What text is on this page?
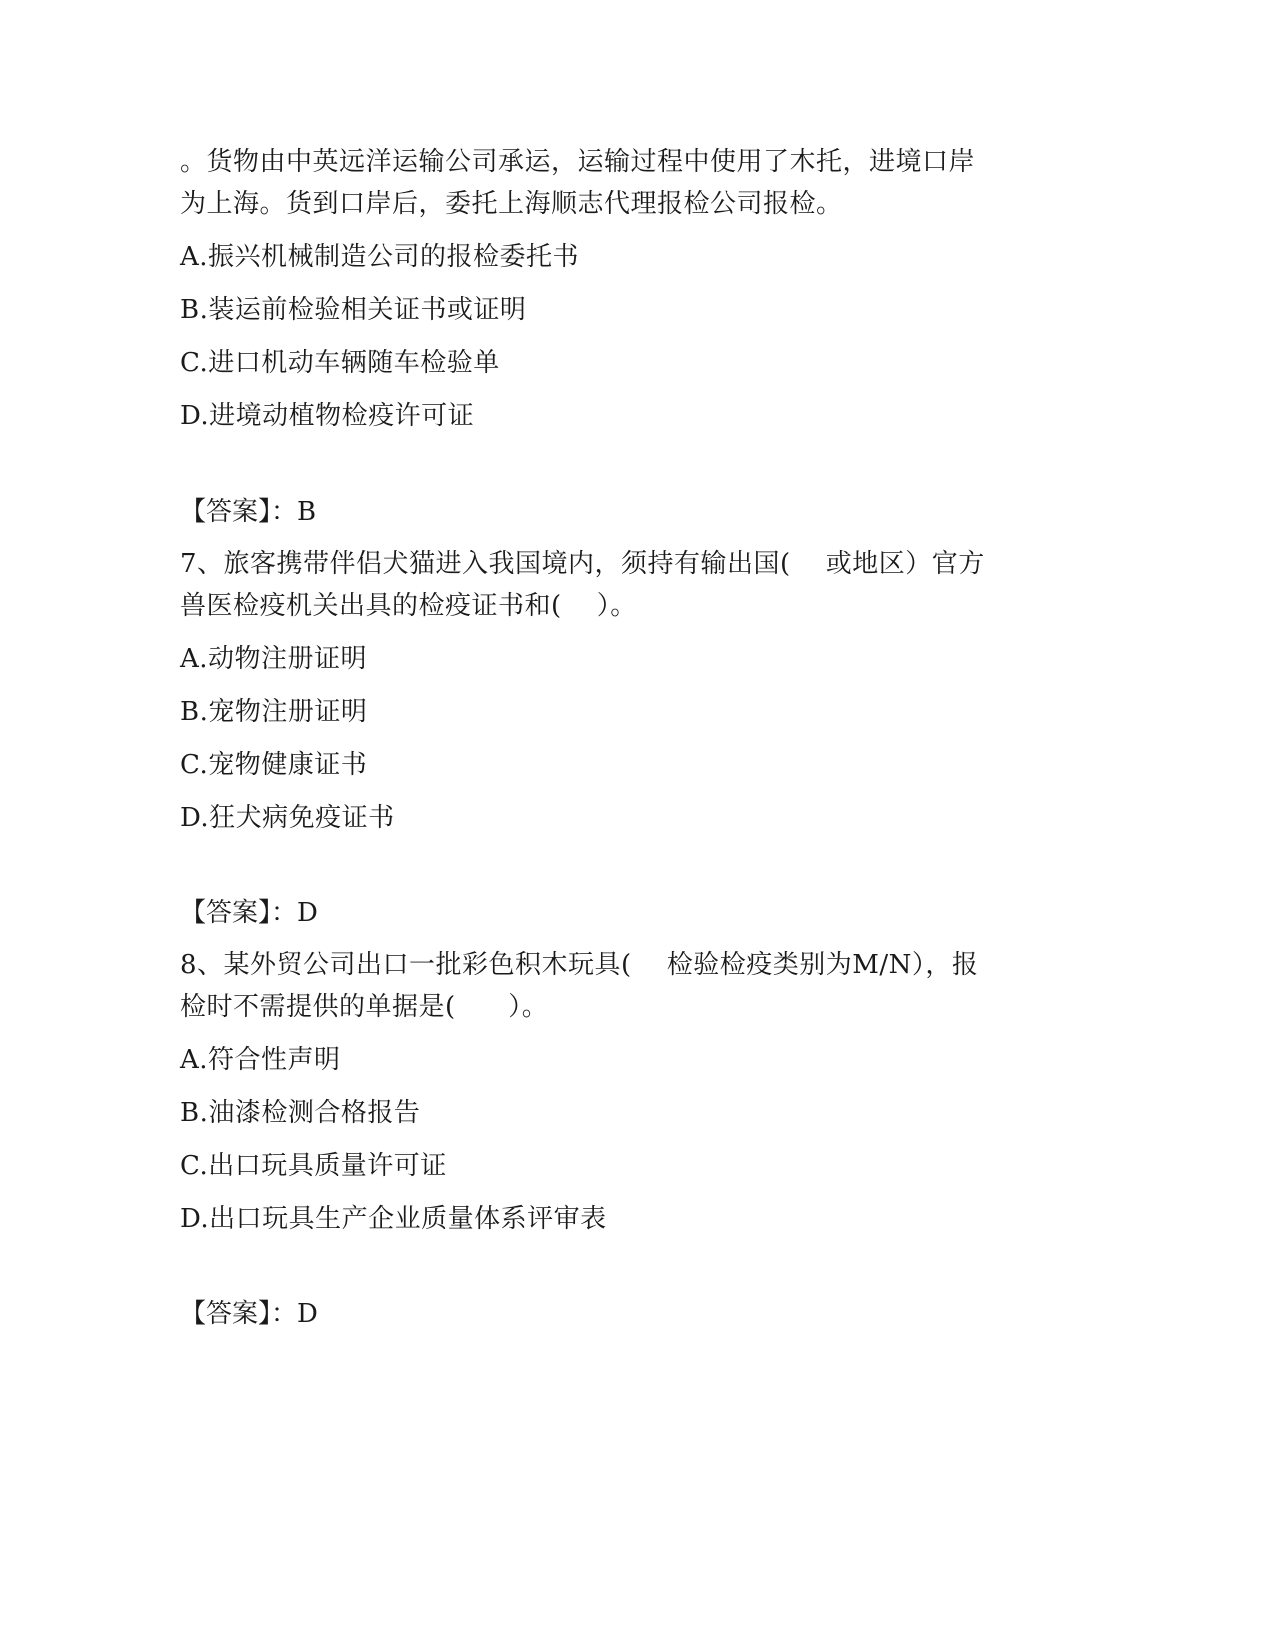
。货物由中英远洋运输公司承运，运输过程中使用了木托，进境口岸
为上海。货到口岸后，委托上海顺志代理报检公司报检。
A.振兴机械制造公司的报检委托书
B.装运前检验相关证书或证明
C.进口机动车辆随车检验单
D.进境动植物检疫许可证
【答案】：B
7、旅客携带伴侣犬猫进入我国境内，须持有输出国(    或地区）官方
兽医检疫机关出具的检疫证书和(    ）。
A.动物注册证明
B.宠物注册证明
C.宠物健康证书
D.狂犬病免疫证书
【答案】：D
8、某外贸公司出口一批彩色积木玩具(    检验检疫类别为M/N），报
检时不需提供的单据是(      ）。
A.符合性声明
B.油漆检测合格报告
C.出口玩具质量许可证
D.出口玩具生产企业质量体系评审表
【答案】：D
